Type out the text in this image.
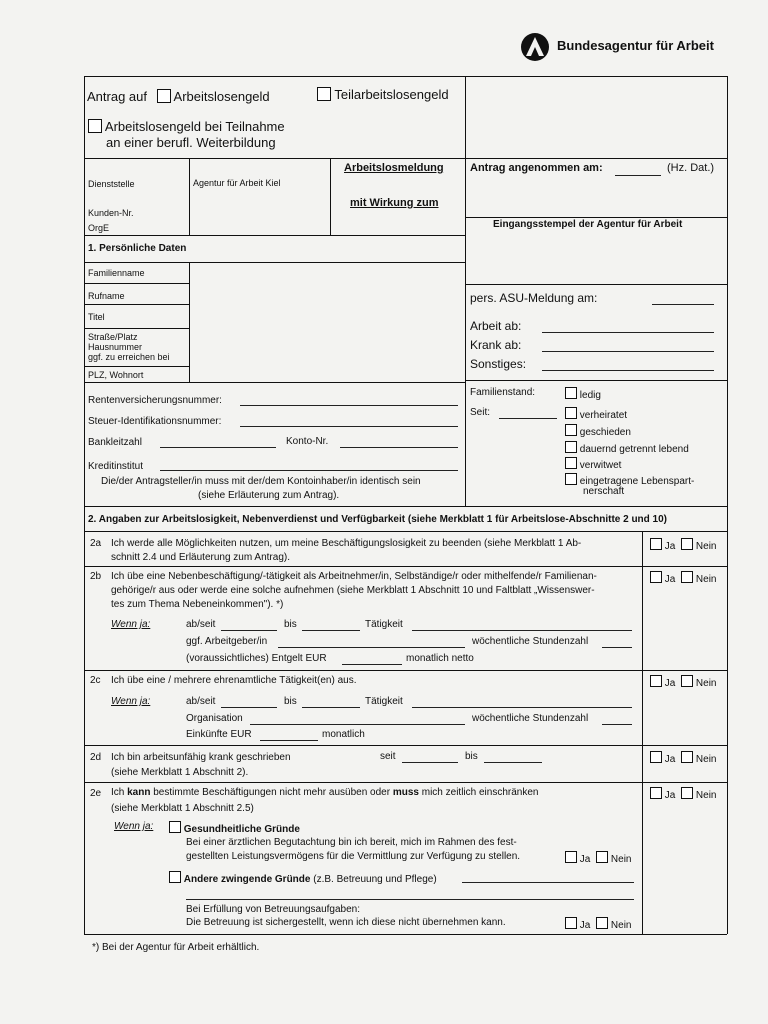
Bundesagentur für Arbeit
Antrag auf Arbeitslosengeld	Teilarbeitslosengeld
Arbeitslosengeld bei Teilnahme
an einer berufl. Weiterbildung
Dienststelle	Agentur für Arbeit Kiel
Kunden-Nr.
OrgE
Arbeitslosmeldung
mit Wirkung zum
Antrag angenommen am:	(Hz. Dat.)
Eingangsstempel der Agentur für Arbeit
1. Persönliche Daten
Familienname
Rufname
Titel
Straße/Platz
Hausnummer
ggf. zu erreichen bei
PLZ, Wohnort
pers. ASU-Meldung am:
Arbeit ab:
Krank ab:
Sonstiges:
Rentenversicherungsnummer:
Steuer-Identifikationsnummer:
Bankleitzahl	Konto-Nr.
Kreditinstitut
Die/der Antragsteller/in muss mit der/dem Kontoinhaber/in identisch sein
(siehe Erläuterung zum Antrag).
Familienstand:
Seit:
ledig
verheiratet
geschieden
dauernd getrennt lebend
verwitwet
eingetragene Lebenspart-
nerschaft
2. Angaben zur Arbeitslosigkeit, Nebenverdienst und Verfügbarkeit (siehe Merkblatt 1 für Arbeitslose-Abschnitte 2 und 10)
2a Ich werde alle Möglichkeiten nutzen, um meine Beschäftigungslosigkeit zu beenden (siehe Merkblatt 1 Ab-
schnitt 2.4 und Erläuterung zum Antrag).
Ja Nein
2b Ich übe eine Nebenbeschäftigung/-tätigkeit als Arbeitnehmer/in, Selbständige/r oder mithelfende/r Familienan-
gehörige/r aus oder werde eine solche aufnehmen (siehe Merkblatt 1 Abschnitt 10 und Faltblatt „Wissenswer-
tes zum Thema Nebeneinkommen"). *)
Ja Nein
Wenn ja:	ab/seit	bis	Tätigkeit
ggf. Arbeitgeber/in	wöchentliche Stundenzahl
(voraussichtliches) Entgelt EUR	monatlich netto
2c Ich übe eine / mehrere ehrenamtliche Tätigkeit(en) aus.	Ja Nein
Wenn ja:	ab/seit	bis	Tätigkeit
Organisation	wöchentliche Stundenzahl
Einkünfte EUR	monatlich
2d Ich bin arbeitsunfähig krank geschrieben	seit	bis
(siehe Merkblatt 1 Abschnitt 2).
Ja Nein
2e Ich kann bestimmte Beschäftigungen nicht mehr ausüben oder muss mich zeitlich einschränken
(siehe Merkblatt 1 Abschnitt 2.5)
Ja Nein
Wenn ja:	Gesundheitliche Gründe
Bei einer ärztlichen Begutachtung bin ich bereit, mich im Rahmen des fest-
gestellten Leistungsvermögens für die Vermittlung zur Verfügung zu stellen.	Ja Nein
Andere zwingende Gründe (z.B. Betreuung und Pflege)
Bei Erfüllung von Betreuungsaufgaben:
Die Betreuung ist sichergestellt, wenn ich diese nicht übernehmen kann.	Ja Nein
*) Bei der Agentur für Arbeit erhältlich.
